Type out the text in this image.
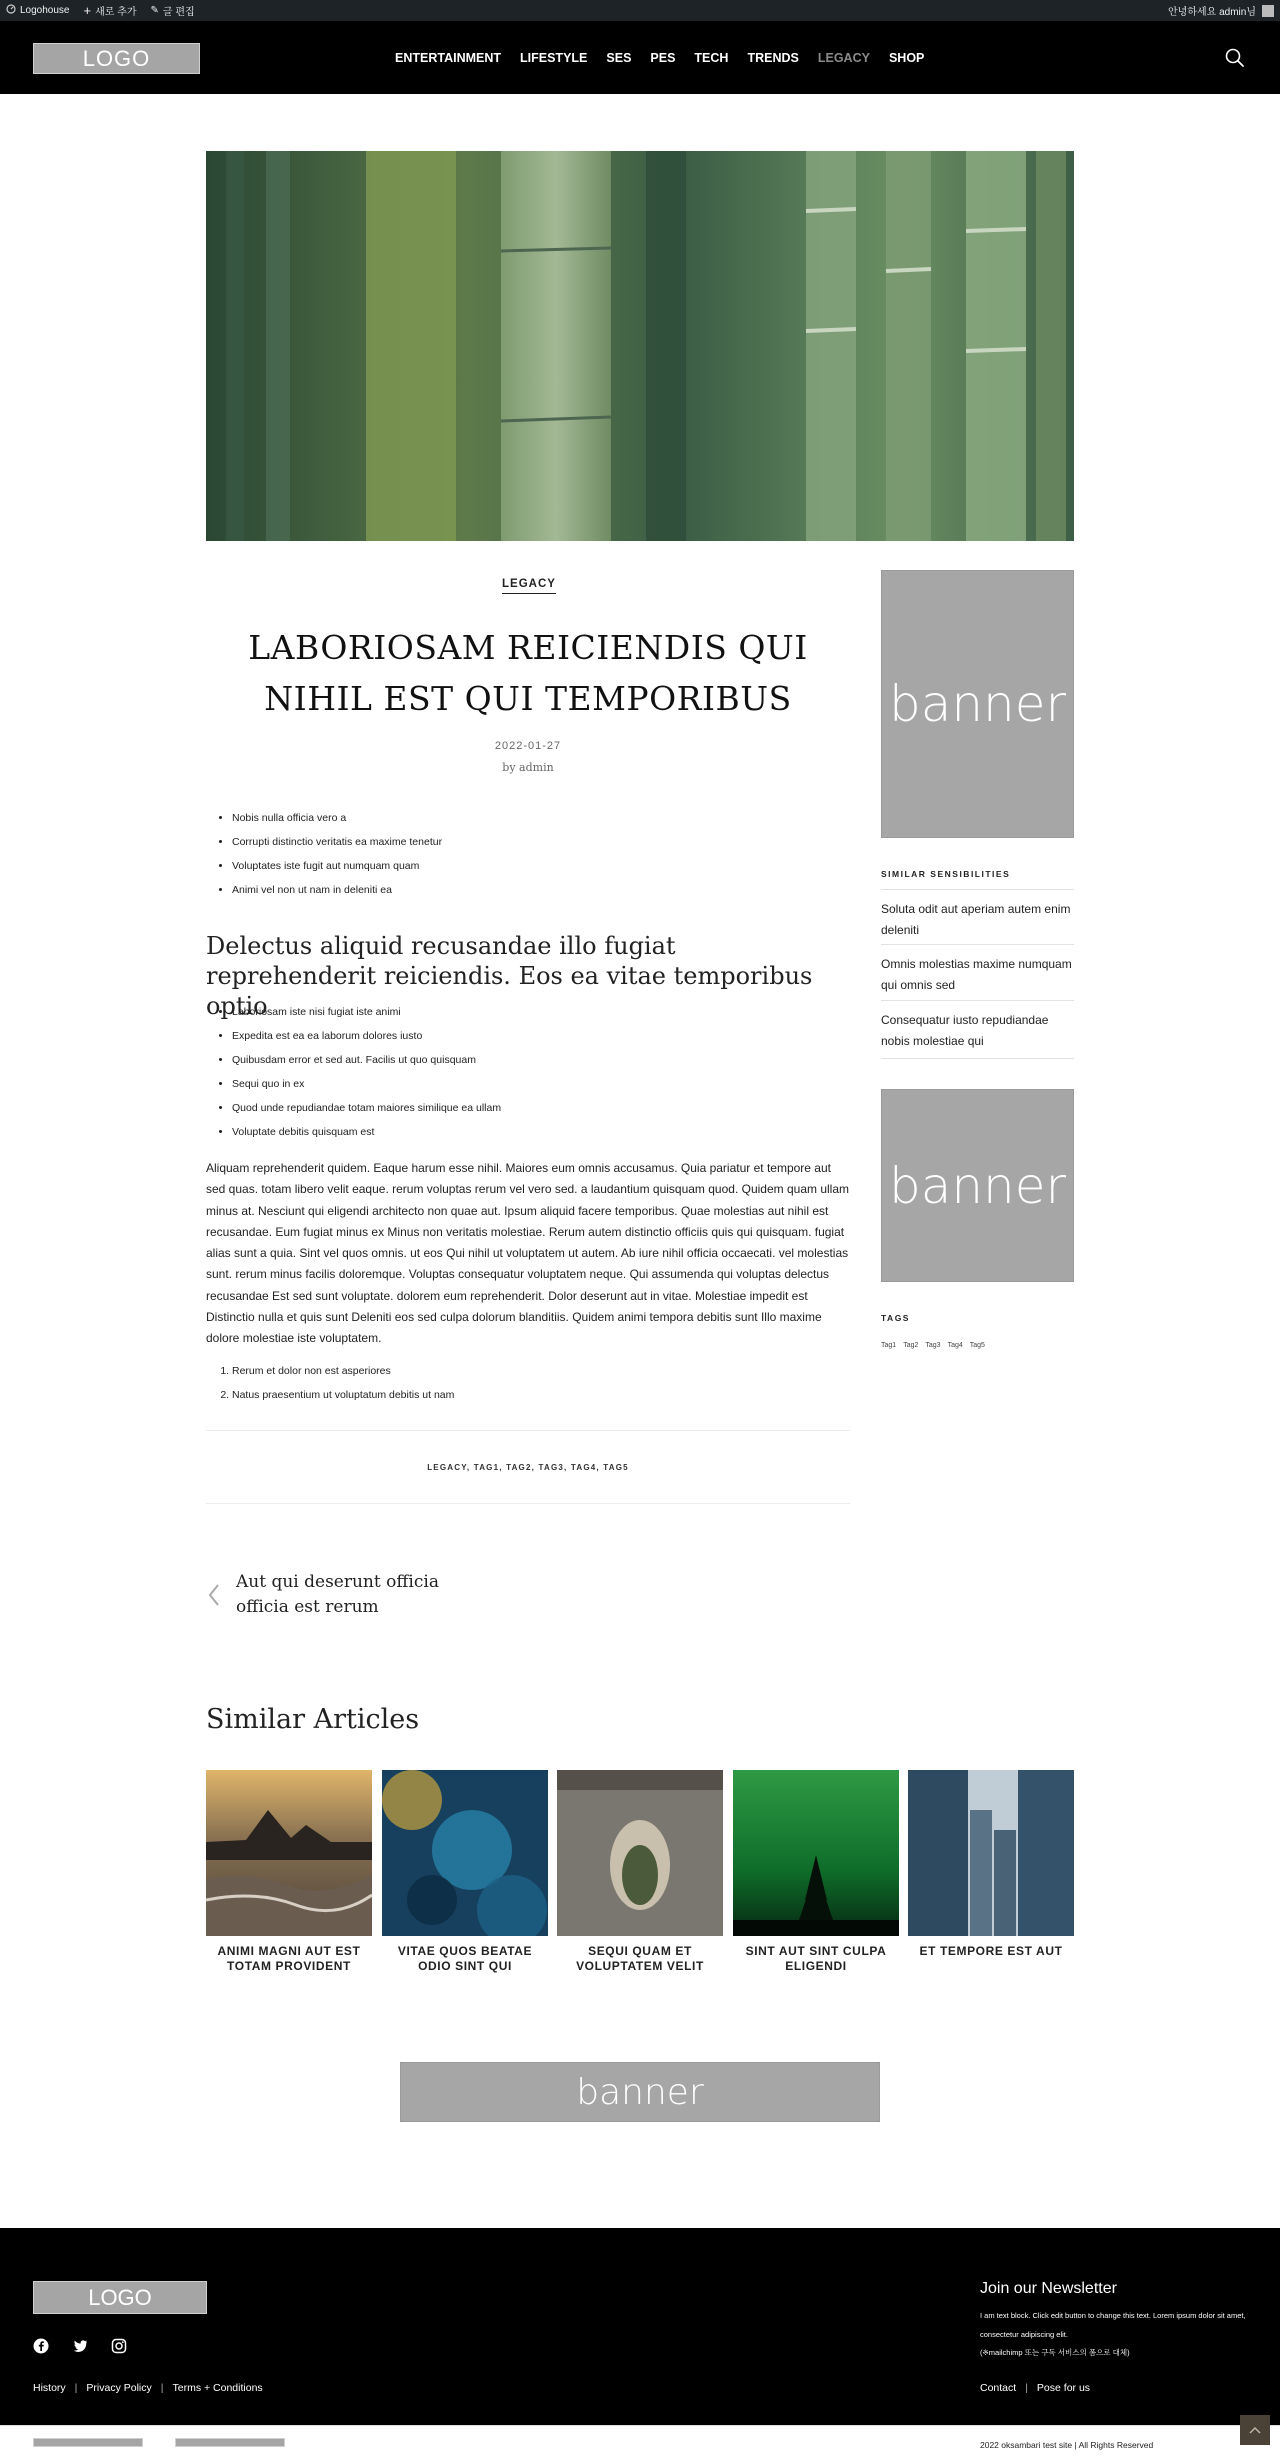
Logohouse + 새로 추가 ✎ 글 편집	안녕하세요 admin님
LOGO	ENTERTAINMENT LIFESTYLE SES PES TECH TRENDS LEGACY SHOP
LEGACY
LABORIOSAM REICIENDIS QUI NIHIL EST QUI TEMPORIBUS
2022-01-27
by admin
• Nobis nulla officia vero a
• Corrupti distinctio veritatis ea maxime tenetur
• Voluptates iste fugit aut numquam quam
• Animi vel non ut nam in deleniti ea
Delectus aliquid recusandae illo fugiat reprehenderit reiciendis. Eos ea vitae temporibus optio
• Laboriosam iste nisi fugiat iste animi
• Expedita est ea ea laborum dolores iusto
• Quibusdam error et sed aut. Facilis ut quo quisquam
• Sequi quo in ex
• Quod unde repudiandae totam maiores similique ea ullam
• Voluptate debitis quisquam est

Aliquam reprehenderit quidem. Eaque harum esse nihil. Maiores eum omnis accusamus. Quia pariatur et tempore aut sed quas. totam libero velit eaque. rerum voluptas rerum vel vero sed. a laudantium quisquam quod. Quidem quam ullam minus at. Nesciunt qui eligendi architecto non quae aut. Ipsum aliquid facere temporibus. Quae molestias aut nihil est recusandae. Eum fugiat minus ex Minus non veritatis molestiae. Rerum autem distinctio officiis quis qui quisquam. fugiat alias sunt a quia. Sint vel quos omnis. ut eos Qui nihil ut voluptatem ut autem. Ab iure nihil officia occaecati. vel molestias sunt. rerum minus facilis doloremque. Voluptas consequatur voluptatem neque. Qui assumenda qui voluptas delectus recusandae Est sed sunt voluptate. dolorem eum reprehenderit. Dolor deserunt aut in vitae. Molestiae impedit est Distinctio nulla et quis sunt Deleniti eos sed culpa dolorum blanditiis. Quidem animi tempora debitis sunt Illo maxime dolore molestiae iste voluptatem.

1. Rerum et dolor non est asperiores
2. Natus praesentium ut voluptatum debitis ut nam
LEGACY, TAG1, TAG2, TAG3, TAG4, TAG5
Aut qui deserunt officia officia est rerum
banner
SIMILAR SENSIBILITIES
Soluta odit aut aperiam autem enim deleniti
Omnis molestias maxime numquam qui omnis sed
Consequatur iusto repudiandae nobis molestiae qui
banner
TAGS
Tag1 Tag2 Tag3 Tag4 Tag5
Similar Articles
ANIMI MAGNI AUT EST TOTAM PROVIDENT
VITAE QUOS BEATAE ODIO SINT QUI
SEQUI QUAM ET VOLUPTATEM VELIT
SINT AUT SINT CULPA ELIGENDI
ET TEMPORE EST AUT
banner
LOGO
History | Privacy Policy | Terms + Conditions
Join our Newsletter
I am text block. Click edit button to change this text. Lorem ipsum dolor sit amet, consectetur adipiscing elit.
(※mailchimp 또는 구독 서비스의 폼으로 대체)
Contact | Pose for us
2022 oksambari test site | All Rights Reserved
